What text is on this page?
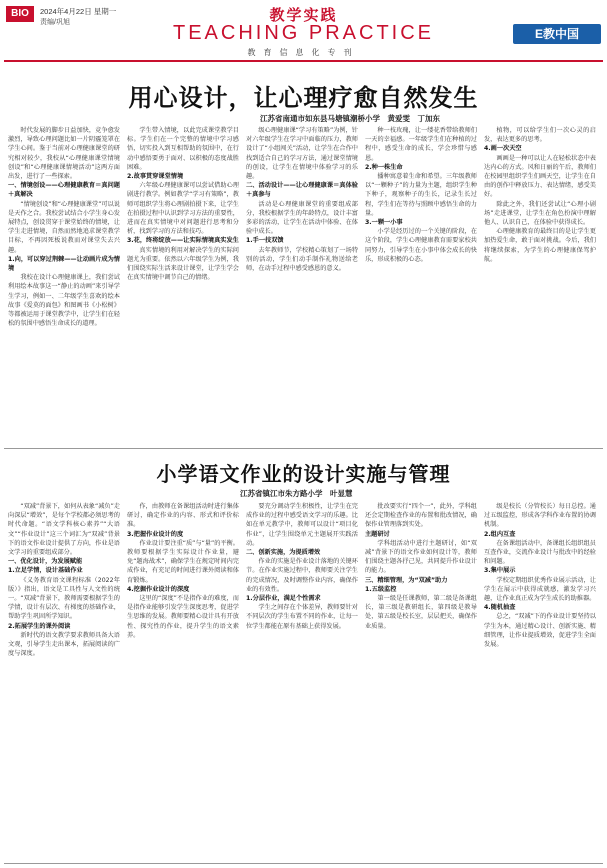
BIO	2024年4月22日 星期一
责编/巩旭	教学实践
TEACHING PRACTICE
教育信息化专刊
E教中国
用心设计，让心理疗愈自然发生
江苏省南通市如东县马塘镇潮桥小学　黄爱雯　丁加东

时代发展的脚步日益加快，竞争愈发激烈，导致心理问题比如一片阴霾笼罩在学生心间。鉴于当前对心理健康课堂的研究相对较少，我校从“心理健康课堂情境创设”和“心理健康课情境活动”这两方面出发，进行了一些探索。

一、情境创设——心理健康教育＝真问题＋真解决

“情境创设”和“心理健康课堂”可以说是天作之合。我校尝试结合小学生身心发展特点，创设贯穿于课堂始终的情境，让学生走进情境，自然而然地追求课堂教学目标，不再因死板说教而对课堂失去兴趣。

1.向，可以穿过荆棘——让动画片成为情境

我校在设计心理健康课上，我们尝试利用绘本故事这一“静止的动画”来引导学生学习，例如一、二年级学生喜欢的绘本故事《爱莫的面包》和图画书《小松树》等都被运用于课堂教学中，让学生们在轻松的氛围中感悟生命成长的道理。

学生带入情境，以此完成课堂教学目标。学生们在一个完整的情境中学习感悟，切实投入到互相帮助的氛围中，在行动中感悟要勇于面对、以积极的态度战胜困难。

2.故事贯穿课堂情境

六年级心理健康课可以尝试借助心理剧进行教学。例如教学“学习有策略”，教师可组织学生将心理剧拍摄下来，让学生在拍摄过程中认识到学习方法的重要性，进而在真实情境中对问题进行思考和分析，找到学习的方法和技巧。

3.花，终将绽放——让实际情境真实发生

真实情境的利用对解决学生的实际问题尤为重要。依然以六年级学生为例，我们围绕实际生活来设计课堂，让学生学会在真实情境中调节自己的情绪。

级心理健康课“学习有策略”为例，针对六年级学生在学习中面临的压力，教师设计了“小组闯关”活动，让学生在合作中找到适合自己的学习方法，通过课堂情境的创设，让学生在情境中体验学习的乐趣。

二、活动设计——让心理健康课＝真体验＋真参与

活动是心理健康课堂的重要组成部分，我校根据学生的年龄特点，设计丰富多彩的活动，让学生在活动中体验、在体验中成长。

1.手一技双馈

去年教师节，学校精心策划了一场特别的活动，学生们动手制作礼物送给老师，在动手过程中感受感恩的意义。

种一枝玫瑰，让一缕花香带给教师们一天的幸福感。一年级学生们在种植的过程中，感受生命的成长，学会珍惜与感恩。

2.种一株生命

播种寓意着生命和希望。三年级教师以“一颗种子”的力量为主题，组织学生种下种子，观察种子的生长，记录生长过程，学生们在等待与照顾中感悟生命的力量。

3.一颗一小事

小学是经历过的一个关键的阶段，在这个阶段，学生心理健康教育需要家校共同努力，引导学生在小事中体会成长的快乐，形成积极的心态。

植物，可以给学生们一次心灵的启发，表达更多的思考。

4.画一次天空

画画是一种可以让人在轻松状态中表达内心的方式。风和日丽的午后，教师们在校园里组织学生们画天空，让学生在自由的创作中释放压力、表达情绪，感受美好。

除此之外，我们还尝试让“心理小剧场”走进课堂，让学生在角色扮演中理解他人、认识自己，在体验中获得成长。

心理健康教育的最终目的是让学生更加热爱生命，敢于面对挑战。今后，我们将继续探索，为学生的心理健康保驾护航。

小学语文作业的设计实施与管理
江苏省镇江市朱方路小学　叶显慧

“双减”背景下，如何从表象“减负”走向深层“增效”，是每个学校都必须思考的时代命题。“语文学科核心素养”“大语文”“作业设计”这三个词汇为“双减”背景下的语文作业设计提供了方向，作业是语文学习的重要组成部分。

一、优化设计，为发展赋能

1.立足学情，设计基础作业

《义务教育语文课程标准（2022年版）》指出，语文是工具性与人文性的统一。“双减”背景下，教师需要根据学生的学情，设计有层次、有梯度的基础作业，帮助学生巩固所学知识。

2.拓展学生的课外阅读

新时代的语文教学要求教师具备大语文观，引导学生走出课本，拓展阅读的广度与深度。

作，由教师在备课组活动时进行集体研讨，确定作业的内容、形式和评价标准。

3.把握作业设计的度

作业设计要注重“质”与“量”的平衡。教师要根据学生实际设计作业量，避免“题海战术”，确保学生在规定时间内完成作业，有充足的时间进行课外阅读和体育锻炼。

4.挖掘作业设计的深度

这里的“深度”不是指作业的难度，而是指作业能够引发学生深度思考，促进学生思维的发展。教师要精心设计具有开放性、探究性的作业，提升学生的语文素养。

要充分调动学生积极性，让学生在完成作业的过程中感受语文学习的乐趣。比如在单元教学中，教师可以设计“项目化作业”，让学生围绕单元主题展开实践活动。

二、创新实施，为提质增效

作业的实施是作业设计落地的关键环节。在作业实施过程中，教师要关注学生的完成情况，及时调整作业内容，确保作业的有效性。

1.分层作业，满足个性需求

学生之间存在个体差异，教师要针对不同层次的学生布置不同的作业，让每一位学生都能在原有基础上获得发展。

批改要实行“四个一”，此外，学科组还会定期检查作业的布置和批改情况，确保作业管理落到实处。

主题研讨

学科组活动中进行主题研讨，如“双减”背景下的语文作业如何设计等，教师们围绕主题各抒己见，共同提升作业设计的能力。

三、精细管理，为“双减”助力

1.五级监控

第一级是任课教师，第二级是备课组长，第三级是教研组长，第四级是教导处，第五级是校长室，层层把关，确保作业质量。

级是校长（分管校长）每日总控。通过五级监控，形成各学科作业布置的协调机制。

2.组内互查

在备课组活动中，备课组长组织组员互查作业，交流作业设计与批改中的经验和问题。

3.集中展示

学校定期组织优秀作业展示活动，让学生在展示中获得成就感，激发学习兴趣，让作业真正成为学生成长的助推器。

4.随机抽查

总之，“双减”下的作业设计要坚持以学生为本，通过精心设计、创新实施、精细管理，让作业提质增效，促进学生全面发展。
